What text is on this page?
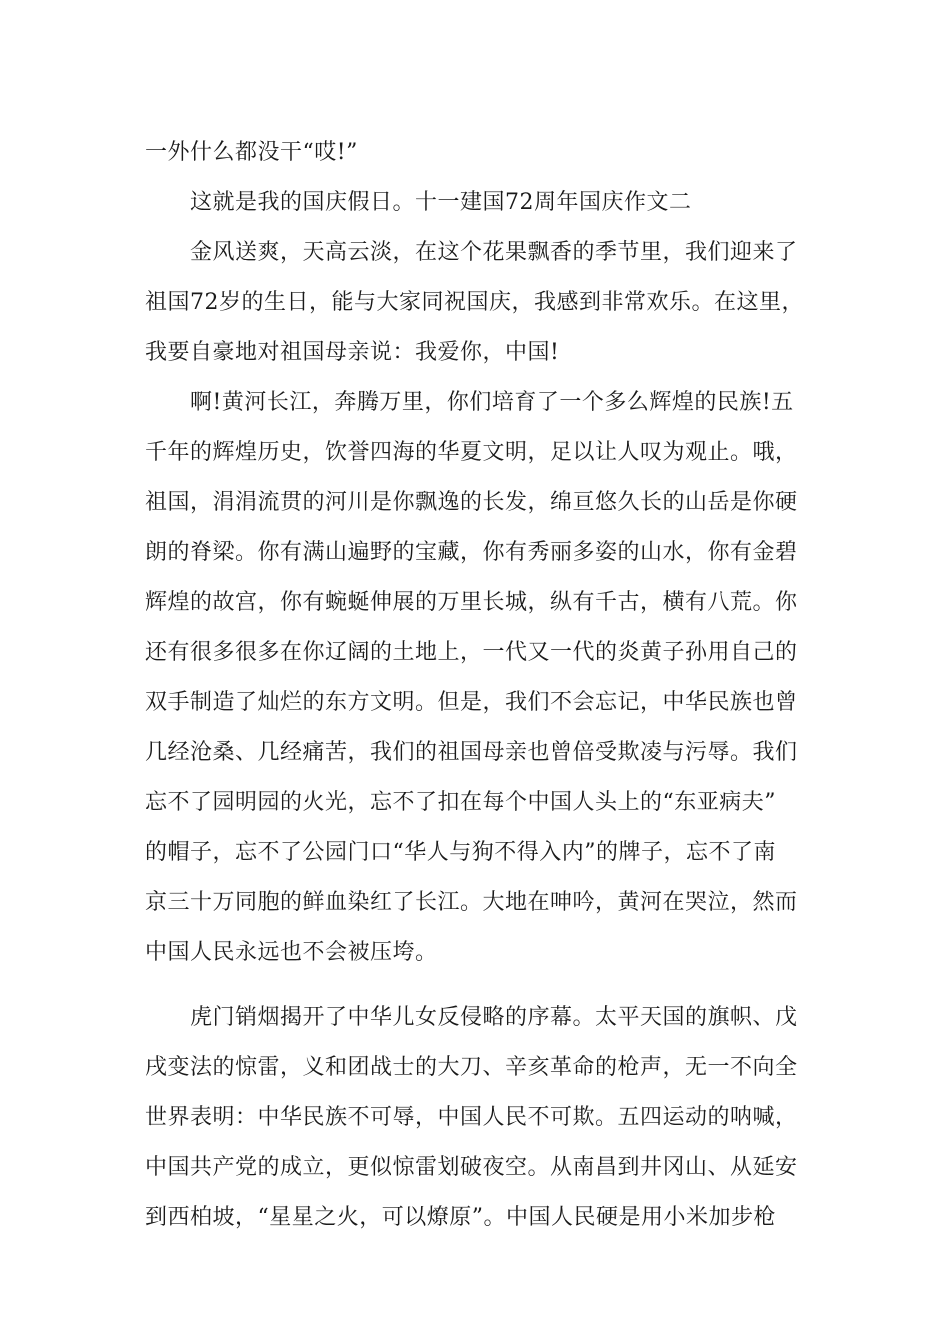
一外什么都没干“哎!”
这就是我的国庆假日。十一建国72周年国庆作文二
金风送爽，天高云淡，在这个花果飘香的季节里，我们迎来了
祖国72岁的生日，能与大家同祝国庆，我感到非常欢乐。在这里，
我要自豪地对祖国母亲说：我爱你，中国!
啊!黄河长江，奔腾万里，你们培育了一个多么辉煌的民族!五
千年的辉煌历史，饮誉四海的华夏文明，足以让人叹为观止。哦，
祖国，涓涓流贯的河川是你飘逸的长发，绵亘悠久长的山岳是你硬
朗的脊梁。你有满山遍野的宝藏，你有秀丽多姿的山水，你有金碧
辉煌的故宫，你有蜿蜒伸展的万里长城，纵有千古，横有八荒。你
还有很多很多在你辽阔的土地上，一代又一代的炎黄子孙用自己的
双手制造了灿烂的东方文明。但是，我们不会忘记，中华民族也曾
几经沧桑、几经痛苦，我们的祖国母亲也曾倍受欺凌与污辱。我们
忘不了园明园的火光，忘不了扣在每个中国人头上的“东亚病夫”
的帽子，忘不了公园门口“华人与狗不得入内”的牌子，忘不了南
京三十万同胞的鲜血染红了长江。大地在呻吟，黄河在哭泣，然而
中国人民永远也不会被压垮。
虎门销烟揭开了中华儿女反侵略的序幕。太平天国的旗帜、戊
戌变法的惊雷，义和团战士的大刀、辛亥革命的枪声，无一不向全
世界表明：中华民族不可辱，中国人民不可欺。五四运动的呐喊，
中国共产党的成立，更似惊雷划破夜空。从南昌到井冈山、从延安
到西柏坡，“星星之火，可以燎原”。中国人民硬是用小米加步枪
